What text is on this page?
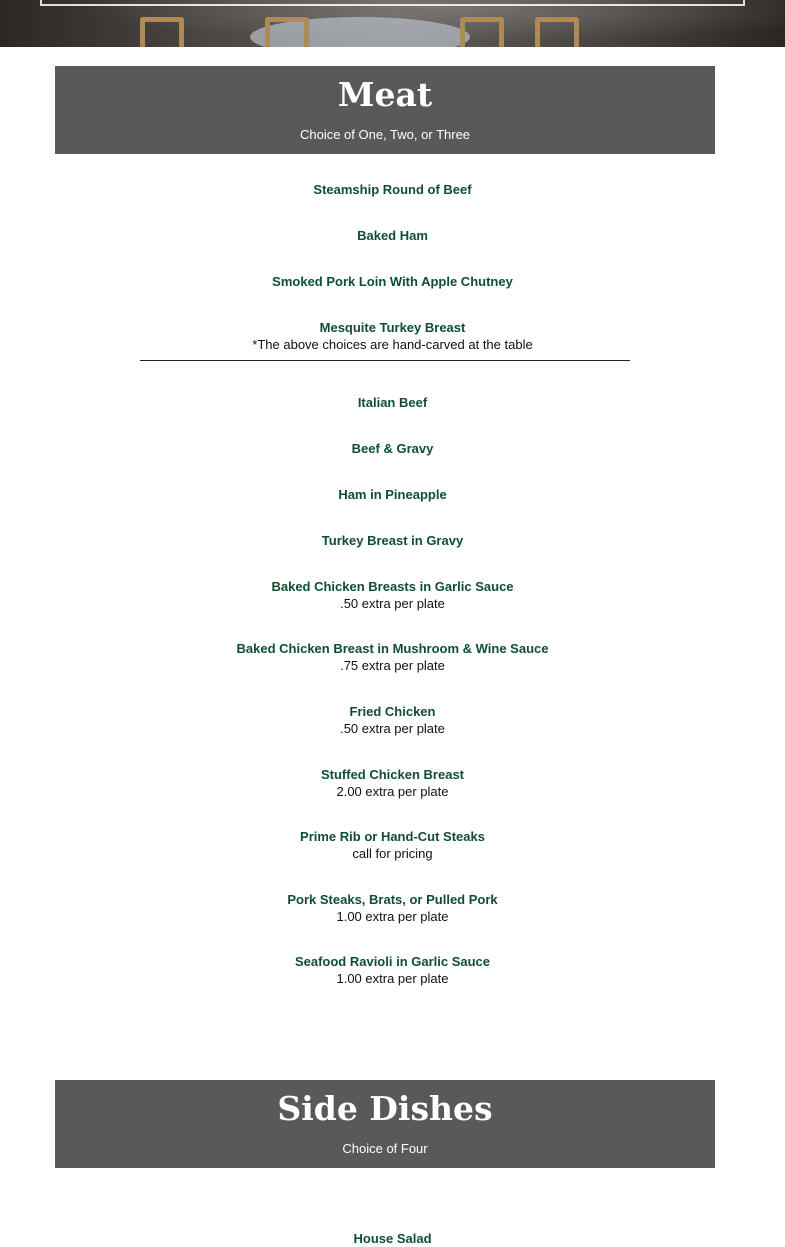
Meat
Choice of One, Two, or Three
Steamship Round of Beef
Baked Ham
Smoked Pork Loin With Apple Chutney
Mesquite Turkey Breast
*The above choices are hand-carved at the table
Italian Beef
Beef & Gravy
Ham in Pineapple
Turkey Breast in Gravy
Baked Chicken Breasts in Garlic Sauce
.50 extra per plate
Baked Chicken Breast in Mushroom & Wine Sauce
.75 extra per plate
Fried Chicken
.50 extra per plate
Stuffed Chicken Breast
2.00 extra per plate
Prime Rib or Hand-Cut Steaks
call for pricing
Pork Steaks, Brats, or Pulled Pork
1.00 extra per plate
Seafood Ravioli in Garlic Sauce
1.00 extra per plate
Side Dishes
Choice of Four
House Salad
